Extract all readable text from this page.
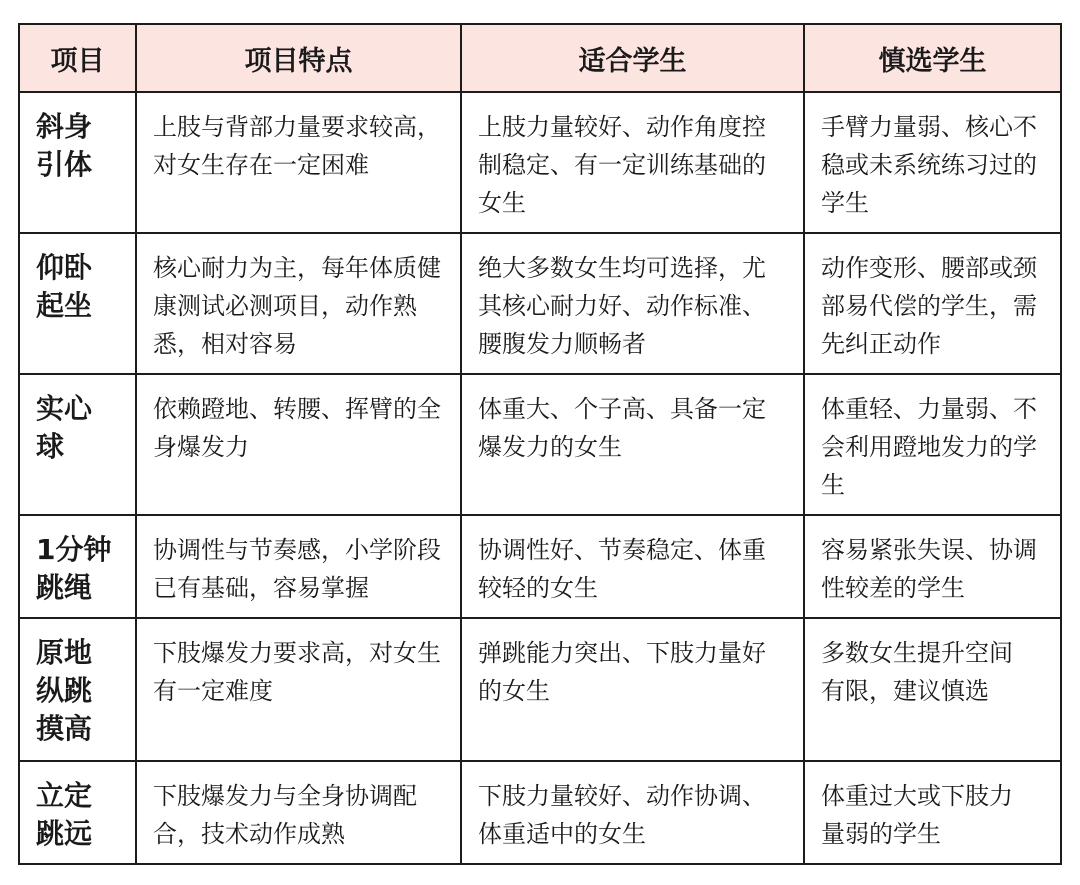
项目	项目特点	适合学生	慎选学生

斜身引体	上肢与背部力量要求较高，对女生存在一定困难	上肢力量较好、动作角度控制稳定、有一定训练基础的女生	手臂力量弱、核心不稳或未系统练习过的学生

仰卧起坐	核心耐力为主，每年体质健康测试必测项目，动作熟悉，相对容易	绝大多数女生均可选择，尤其核心耐力好、动作标准、腰腹发力顺畅者	动作变形、腰部或颈部易代偿的学生，需先纠正动作

实心球	依赖蹬地、转腰、挥臂的全身爆发力	体重大、个子高、具备一定爆发力的女生	体重轻、力量弱、不会利用蹬地发力的学生

1分钟跳绳	协调性与节奏感，小学阶段已有基础，容易掌握	协调性好、节奏稳定、体重较轻的女生	容易紧张失误、协调性较差的学生

原地纵跳摸高	下肢爆发力要求高，对女生有一定难度	弹跳能力突出、下肢力量好的女生	多数女生提升空间有限，建议慎选

立定跳远	下肢爆发力与全身协调配合，技术动作成熟	下肢力量较好、动作协调、体重适中的女生	体重过大或下肢力量弱的学生
